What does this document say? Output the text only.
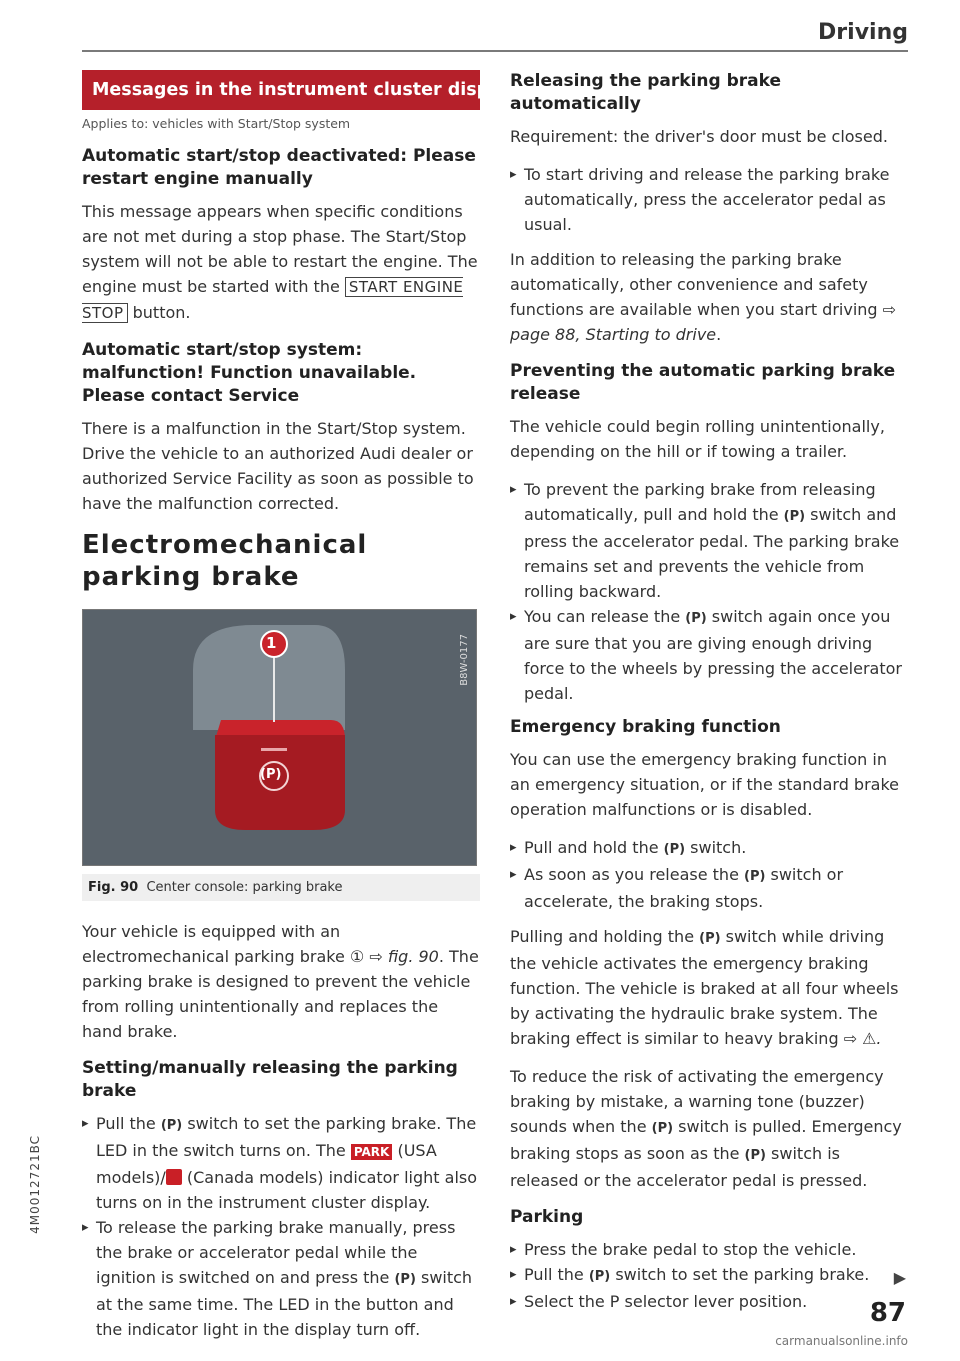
Driving
4M0012721BC
Messages in the instrument cluster display
Applies to: vehicles with Start/Stop system
Automatic start/stop deactivated: Please restart engine manually

This message appears when specific conditions are not met during a stop phase. The Start/Stop system will not be able to restart the engine. The engine must be started with the START ENGINE STOP button.

Automatic start/stop system: malfunction! Function unavailable. Please contact Service

There is a malfunction in the Start/Stop system. Drive the vehicle to an authorized Audi dealer or authorized Service Facility as soon as possible to have the malfunction corrected.

Electromechanical parking brake
1
(P)
B8W-0177
Fig. 90 Center console: parking brake

Your vehicle is equipped with an electromechanical parking brake ① ⇨ fig. 90. The parking brake is designed to prevent the vehicle from rolling unintentionally and replaces the hand brake.

Setting/manually releasing the parking brake
▸ Pull the (P) switch to set the parking brake. The LED in the switch turns on. The PARK (USA models)/ (Canada models) indicator light also turns on in the instrument cluster display.
▸ To release the parking brake manually, press the brake or accelerator pedal while the ignition is switched on and press the (P) switch at the same time. The LED in the button and the indicator light in the display turn off.
Releasing the parking brake automatically

Requirement: the driver's door must be closed.

▸ To start driving and release the parking brake automatically, press the accelerator pedal as usual.

In addition to releasing the parking brake automatically, other convenience and safety functions are available when you start driving ⇨ page 88, Starting to drive.

Preventing the automatic parking brake release

The vehicle could begin rolling unintentionally, depending on the hill or if towing a trailer.

▸ To prevent the parking brake from releasing automatically, pull and hold the (P) switch and press the accelerator pedal. The parking brake remains set and prevents the vehicle from rolling backward.
▸ You can release the (P) switch again once you are sure that you are giving enough driving force to the wheels by pressing the accelerator pedal.
Emergency braking function

You can use the emergency braking function in an emergency situation, or if the standard brake operation malfunctions or is disabled.

▸ Pull and hold the (P) switch.
▸ As soon as you release the (P) switch or accelerate, the braking stops.

Pulling and holding the (P) switch while driving the vehicle activates the emergency braking function. The vehicle is braked at all four wheels by activating the hydraulic brake system. The braking effect is similar to heavy braking ⇨ ⚠.

To reduce the risk of activating the emergency braking by mistake, a warning tone (buzzer) sounds when the (P) switch is pulled. Emergency braking stops as soon as the (P) switch is released or the accelerator pedal is pressed.

Parking
▸ Press the brake pedal to stop the vehicle.
▸ Pull the (P) switch to set the parking brake.
▸ Select the P selector lever position.
▶
87
carmanualsonline.info
